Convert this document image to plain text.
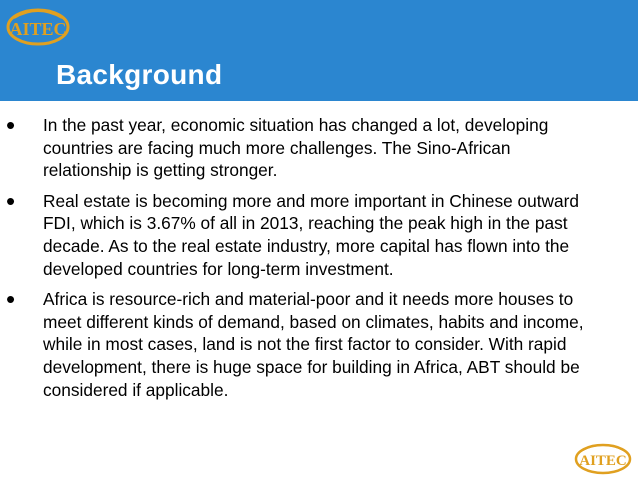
AITEC
Background
• In the past year, economic situation has changed a lot, developing countries are facing much more challenges. The Sino-African relationship is getting stronger.
• Real estate is becoming more and more important in Chinese outward FDI, which is 3.67% of all in 2013, reaching the peak high in the past decade. As to the real estate industry, more capital has flown into the developed countries for long-term investment.
• Africa is resource-rich and material-poor and it needs more houses to meet different kinds of demand, based on climates, habits and income, while in most cases, land is not the first factor to consider. With rapid development, there is huge space for building in Africa, ABT should be considered if applicable.
AITEC
